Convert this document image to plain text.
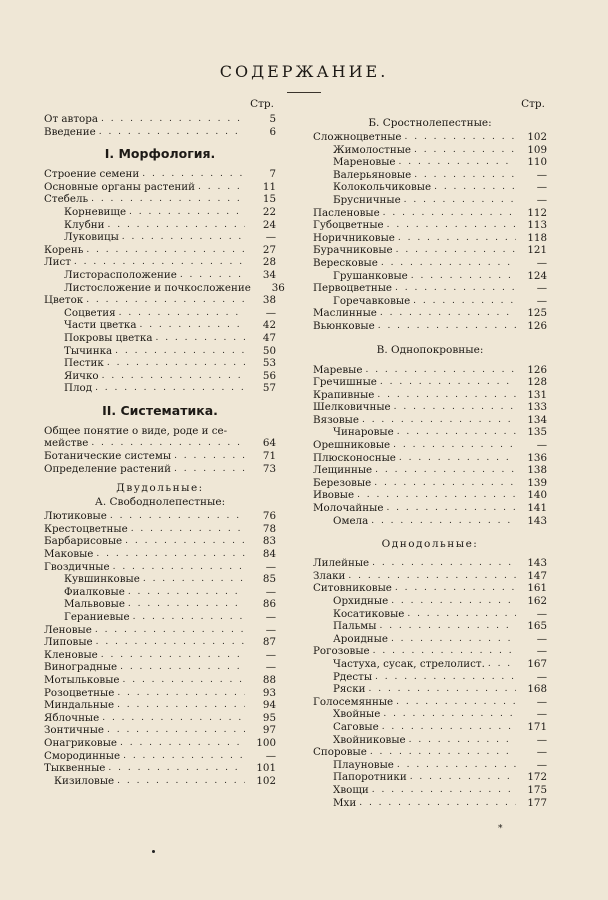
СОДЕРЖАНИЕ.
Стр.
От автора . . .	5
Введение . . .	6
I. Морфология.
Строение семени . . .	7
Основные органы растений . . .	11
Стебель . . .	15
Корневище . . .	22
Клубни . . .	24
Луковицы . . .	—
Корень . . .	27
Лист . . .	28
Листорасположение . . .	34
Листосложение и почкосложение	36
Цветок . . .	38
Соцветия . . .	—
Части цветка . . .	42
Покровы цветка . . .	47
Тычинка . . .	50
Пестик . . .	53
Яичко . . .	56
Плод . . .	57
II. Систематика.
Общее понятие о виде, роде и се-
мействе . . .	64
Ботанические системы . . .	71
Определение растений . . .	73
Двудольные:
А. Свободнолепестные:
Лютиковые . . .	76
Крестоцветные . . .	78
Барбарисовые . . .	83
Маковые . . .	84
Гвоздичные . . .	—
Кувшинковые . . .	85
Фиалковые . . .	—
Мальвовые . . .	86
Гераниевые . . .	—
Леновые . . .	—
Липовые . . .	87
Кленовые . . .	—
Виноградные . . .	—
Мотыльковые . . .	88
Розоцветные . . .	93
Миндальные . . .	94
Яблочные . . .	95
Зонтичные . . .	97
Онагриковые . . .	100
Смородинные . . .	—
Тыквенные . . .	101
Кизиловые . . .	102
Стр.
Б. Сростнолепестные:
Сложноцветные . . .	102
Жимолостные . . .	109
Мареновые . . .	110
Валерьяновые . . .	—
Колокольчиковые . . .	—
Брусничные . . .	—
Пасленовые . . .	112
Губоцветные . . .	113
Норичниковые . . .	118
Бурачниковые . . .	121
Вересковые . . .	—
Грушанковые . . .	124
Первоцветные . . .	—
Горечавковые . . .	—
Маслинные . . .	125
Вьюнковые . . .	126
В. Однопокровные:
Маревые . . .	126
Гречишные . . .	128
Крапивные . . .	131
Шелковичные . . .	133
Вязовые . . .	134
Чинаровые . . .	135
Орешниковые . . .	—
Плюсконосные . . .	136
Лещинные . . .	138
Березовые . . .	139
Ивовые . . .	140
Молочайные . . .	141
Омела . . .	143
Однодольные:
Лилейные . . .	143
Злаки . . .	147
Ситовниковые . . .	161
Орхидные . . .	162
Косатиковые . . .	—
Пальмы . . .	165
Ароидные . . .	—
Рогозовые . . .	—
Частуха, сусак, стрелолист. . . .	167
Рдесты . . .	—
Ряски . . .	168
Голосемянные . . .	—
Хвойные . . .	—
Саговые . . .	171
Хвойниковые . . .	—
Споровые . . .	—
Плауновые . . .	—
Папоротники . . .	172
Хвощи . . .	175
Мхи . . .	177
*
